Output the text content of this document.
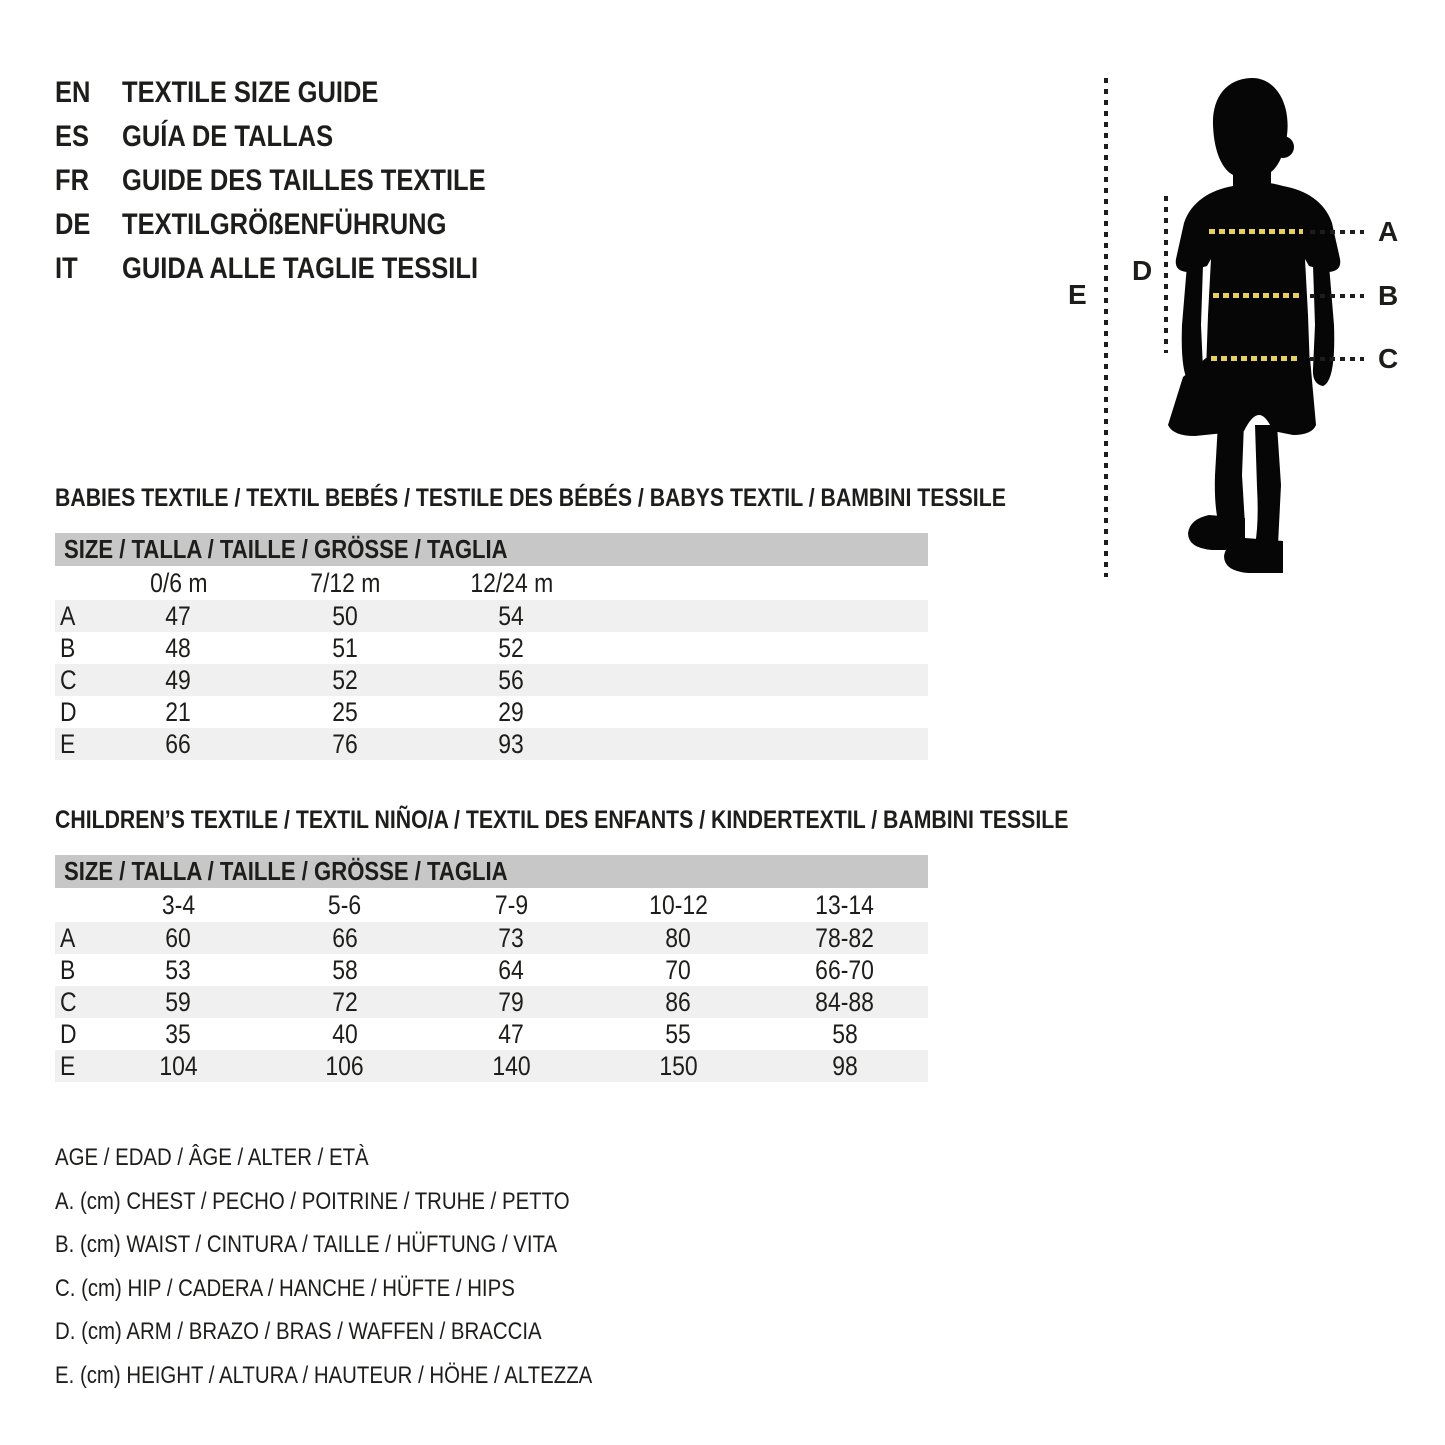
EN TEXTILE SIZE GUIDE
ES GUÍA DE TALLAS
FR GUIDE DES TAILLES TEXTILE
DE TEXTILGRÖßENFÜHRUNG
IT GUIDA ALLE TAGLIE TESSILI
E
D
A
B
C
BABIES TEXTILE / TEXTIL BEBÉS / TESTILE DES BÉBÉS / BABYS TEXTIL / BAMBINI TESSILE
SIZE / TALLA / TAILLE / GRÖSSE / TAGLIA
	0/6 m	7/12 m	12/24 m		
A	47	50	54		
B	48	51	52		
C	49	52	56		
D	21	25	29		
E	66	76	93		
CHILDREN’S TEXTILE / TEXTIL NIÑO/A / TEXTIL DES ENFANTS / KINDERTEXTIL / BAMBINI TESSILE
SIZE / TALLA / TAILLE / GRÖSSE / TAGLIA
	3-4	5-6	7-9	10-12	13-14
A	60	66	73	80	78-82
B	53	58	64	70	66-70
C	59	72	79	86	84-88
D	35	40	47	55	58
E	104	106	140	150	98
AGE / EDAD / ÂGE / ALTER / ETÀ
A. (cm) CHEST / PECHO / POITRINE / TRUHE / PETTO
B. (cm) WAIST / CINTURA / TAILLE / HÜFTUNG / VITA
C. (cm) HIP / CADERA / HANCHE / HÜFTE / HIPS
D. (cm) ARM / BRAZO / BRAS / WAFFEN / BRACCIA
E. (cm) HEIGHT / ALTURA / HAUTEUR / HÖHE / ALTEZZA
